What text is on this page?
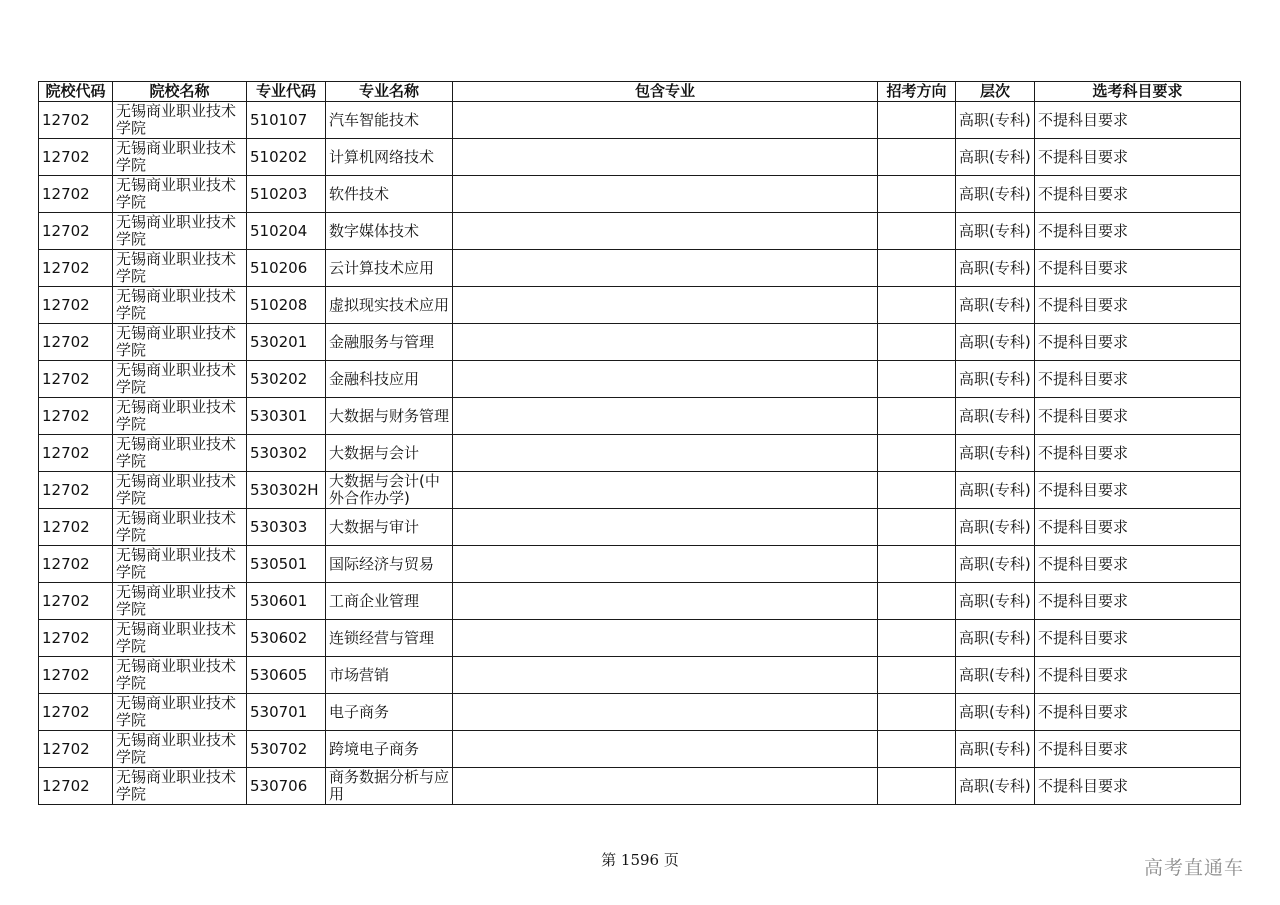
院校代码	院校名称	专业代码	专业名称	包含专业	招考方向	层次	选考科目要求
12702	无锡商业职业技术学院	510107	汽车智能技术			高职(专科)	不提科目要求
12702	无锡商业职业技术学院	510202	计算机网络技术			高职(专科)	不提科目要求
12702	无锡商业职业技术学院	510203	软件技术			高职(专科)	不提科目要求
12702	无锡商业职业技术学院	510204	数字媒体技术			高职(专科)	不提科目要求
12702	无锡商业职业技术学院	510206	云计算技术应用			高职(专科)	不提科目要求
12702	无锡商业职业技术学院	510208	虚拟现实技术应用			高职(专科)	不提科目要求
12702	无锡商业职业技术学院	530201	金融服务与管理			高职(专科)	不提科目要求
12702	无锡商业职业技术学院	530202	金融科技应用			高职(专科)	不提科目要求
12702	无锡商业职业技术学院	530301	大数据与财务管理			高职(专科)	不提科目要求
12702	无锡商业职业技术学院	530302	大数据与会计			高职(专科)	不提科目要求
12702	无锡商业职业技术学院	530302H	大数据与会计(中外合作办学)			高职(专科)	不提科目要求
12702	无锡商业职业技术学院	530303	大数据与审计			高职(专科)	不提科目要求
12702	无锡商业职业技术学院	530501	国际经济与贸易			高职(专科)	不提科目要求
12702	无锡商业职业技术学院	530601	工商企业管理			高职(专科)	不提科目要求
12702	无锡商业职业技术学院	530602	连锁经营与管理			高职(专科)	不提科目要求
12702	无锡商业职业技术学院	530605	市场营销			高职(专科)	不提科目要求
12702	无锡商业职业技术学院	530701	电子商务			高职(专科)	不提科目要求
12702	无锡商业职业技术学院	530702	跨境电子商务			高职(专科)	不提科目要求
12702	无锡商业职业技术学院	530706	商务数据分析与应用			高职(专科)	不提科目要求
第 1596 页	高考直通车
